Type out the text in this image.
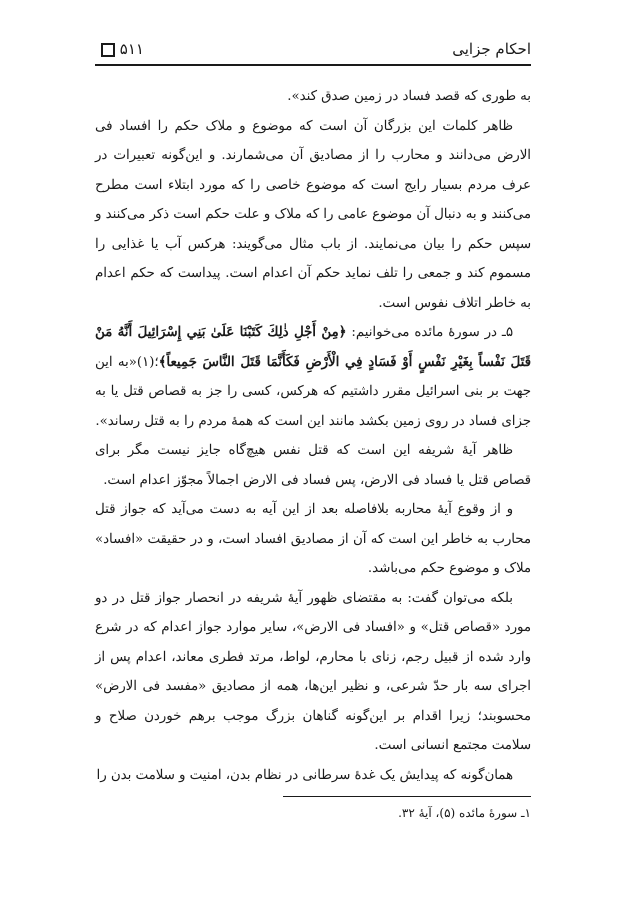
احکام جزایی
۵۱۱

به طوری که قصد فساد در زمین صدق کند».

ظاهر کلمات این بزرگان آن است که موضوع و ملاک حکم را افساد فی الارض می‌دانند و محارب را از مصادیق آن می‌شمارند. و این‌گونه تعبیرات در عرف مردم بسیار رایج است که موضوع خاصی را که مورد ابتلاء است مطرح می‌کنند و به دنبال آن موضوع عامی را که ملاک و علت حکم است ذکر می‌کنند و سپس حکم را بیان می‌نمایند. از باب مثال می‌گویند: هرکس آب یا غذایی را مسموم کند و جمعی را تلف نماید حکم آن اعدام است. پیداست که حکم اعدام به خاطر اتلاف نفوس است.

۵ـ در سورهٔ مائده می‌خوانیم: ﴿مِنْ أَجْلِ ذٰلِكَ كَتَبْنَا عَلَىٰ بَنِي إِسْرَائِيلَ أَنَّهُ مَنْ قَتَلَ نَفْساً بِغَيْرِ نَفْسٍ أَوْ فَسَادٍ فِي الْأَرْضِ فَكَأَنَّمَا قَتَلَ النَّاسَ جَمِيعاً﴾؛(۱)«به این جهت بر بنی اسرائیل مقرر داشتیم که هرکس، کسی را جز به قصاص قتل یا به جزای فساد در روی زمین بکشد مانند این است که همهٔ مردم را به قتل رساند».

ظاهر آیهٔ شریفه این است که قتل نفس هیچ‌گاه جایز نیست مگر برای قصاص قتل یا فساد فی الارض، پس فساد فی الارض اجمالاً مجوّز اعدام است.

و از وقوع آیهٔ محاربه بلافاصله بعد از این آیه به دست می‌آید که جواز قتل محارب به خاطر این است که آن از مصادیق افساد است، و در حقیقت «افساد» ملاک و موضوع حکم می‌باشد.

بلکه می‌توان گفت: به مقتضای ظهور آیهٔ شریفه در انحصار جواز قتل در دو مورد «قصاص قتل» و «افساد فی الارض»، سایر موارد جواز اعدام که در شرع وارد شده از قبیل رجم، زنای با محارم، لواط، مرتد فطری معاند، اعدام پس از اجرای سه بار حدّ شرعی، و نظیر این‌ها، همه از مصادیق «مفسد فی الارض» محسوبند؛ زیرا اقدام بر این‌گونه گناهان بزرگ موجب برهم خوردن صلاح و سلامت مجتمع انسانی است.

همان‌گونه که پیدایش یک غدهٔ سرطانی در نظام بدن، امنیت و سلامت بدن را

۱ـ سورهٔ مائده (۵)، آیهٔ ۳۲.
